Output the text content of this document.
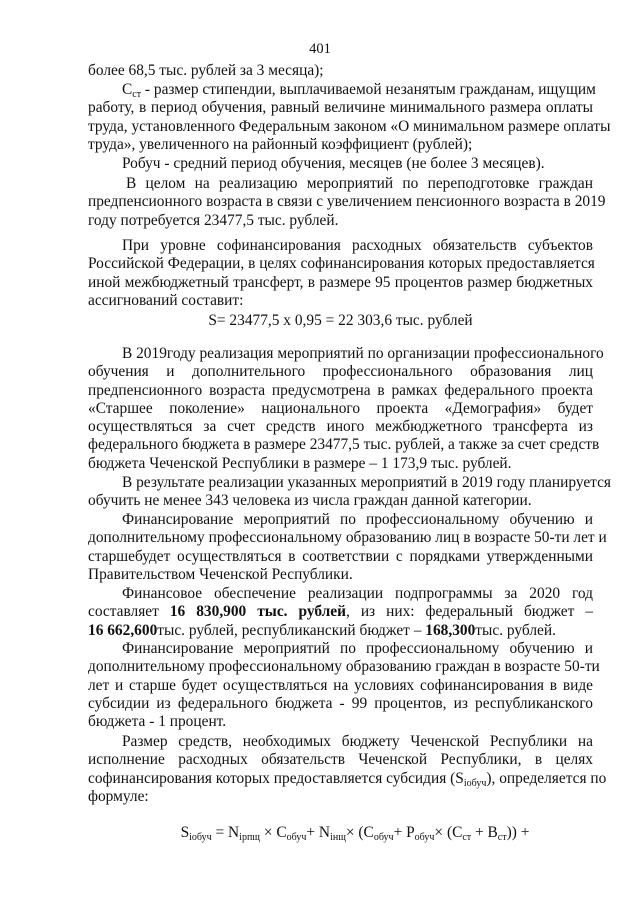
401
более 68,5 тыс. рублей за 3 месяца);
$С_{ст}$ - размер стипендии, выплачиваемой незанятым гражданам, ищущим
работу, в период обучения, равный величине минимального размера оплаты
труда, установленного Федеральным законом «О минимальном размере оплаты
труда», увеличенного на районный коэффициент (рублей);
Робуч - средний период обучения, месяцев (не более 3 месяцев).
В целом на реализацию мероприятий по переподготовке граждан
предпенсионного возраста в связи с увеличением пенсионного возраста в 2019
году потребуется 23477,5 тыс. рублей.
При уровне софинансирования расходных обязательств субъектов
Российской Федерации, в целях софинансирования которых предоставляется
иной межбюджетный трансферт, в размере 95 процентов размер бюджетных
ассигнований составит:
S= 23477,5 х 0,95 = 22 303,6 тыс. рублей
В 2019году реализация мероприятий по организации профессионального
обучения и дополнительного профессионального образования лиц
предпенсионного возраста предусмотрена в рамках федерального проекта
«Старшее поколение» национального проекта «Демография» будет
осуществляться за счет средств иного межбюджетного трансферта из
федерального бюджета в размере 23477,5 тыс. рублей, а также за счет средств
бюджета Чеченской Республики в размере – 1 173,9 тыс. рублей.
В результате реализации указанных мероприятий в 2019 году планируется
обучить не менее 343 человека из числа граждан данной категории.
Финансирование мероприятий по профессиональному обучению и
дополнительному профессиональному образованию лиц в возрасте 50-ти лет и
старшебудет осуществляться в соответствии с порядками утвержденными
Правительством Чеченской Республики.
Финансовое обеспечение реализации подпрограммы за 2020 год
составляет 16 830,900 тыс. рублей, из них: федеральный бюджет –
16 662,600тыс. рублей, республиканский бюджет – 168,300тыс. рублей.
Финансирование мероприятий по профессиональному обучению и
дополнительному профессиональному образованию граждан в возрасте 50-ти
лет и старше будет осуществляться на условиях софинансирования в виде
субсидии из федерального бюджета - 99 процентов, из республиканского
бюджета - 1 процент.
Размер средств, необходимых бюджету Чеченской Республики на
исполнение расходных обязательств Чеченской Республики, в целях
софинансирования которых предоставляется субсидия $(S_{iобуч})$, определяется по
формуле:
$S_{iобуч} = N_{iрпщ} \times C_{обуч}+ N_{iнщ}\times (C_{обуч}+ P_{обуч}\times (C_{ст} + B_{ст}))$ +
